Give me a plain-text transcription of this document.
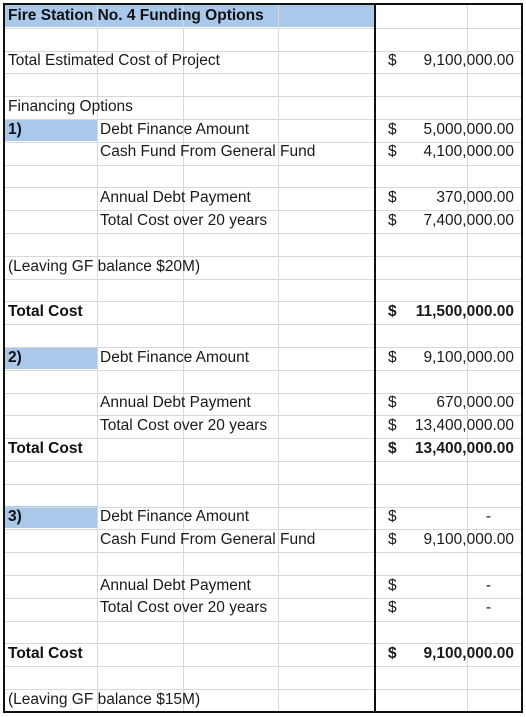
Fire Station No. 4 Funding Options
Total Estimated Cost of Project	$ 9,100,000.00
Financing Options
1)	Debt Finance Amount	$ 5,000,000.00
Cash Fund From General Fund	$ 4,100,000.00
Annual Debt Payment	$	370,000.00
Total Cost over 20 years	$ 7,400,000.00
(Leaving GF balance $20M)
Total Cost	$ 11,500,000.00
2)	Debt Finance Amount	$ 9,100,000.00
Annual Debt Payment	$	670,000.00
Total Cost over 20 years	$ 13,400,000.00
Total Cost	$ 13,400,000.00
3)	Debt Finance Amount	$	-
Cash Fund From General Fund	$ 9,100,000.00
Annual Debt Payment	$	-
Total Cost over 20 years	$	-
Total Cost	$ 9,100,000.00
(Leaving GF balance $15M)
